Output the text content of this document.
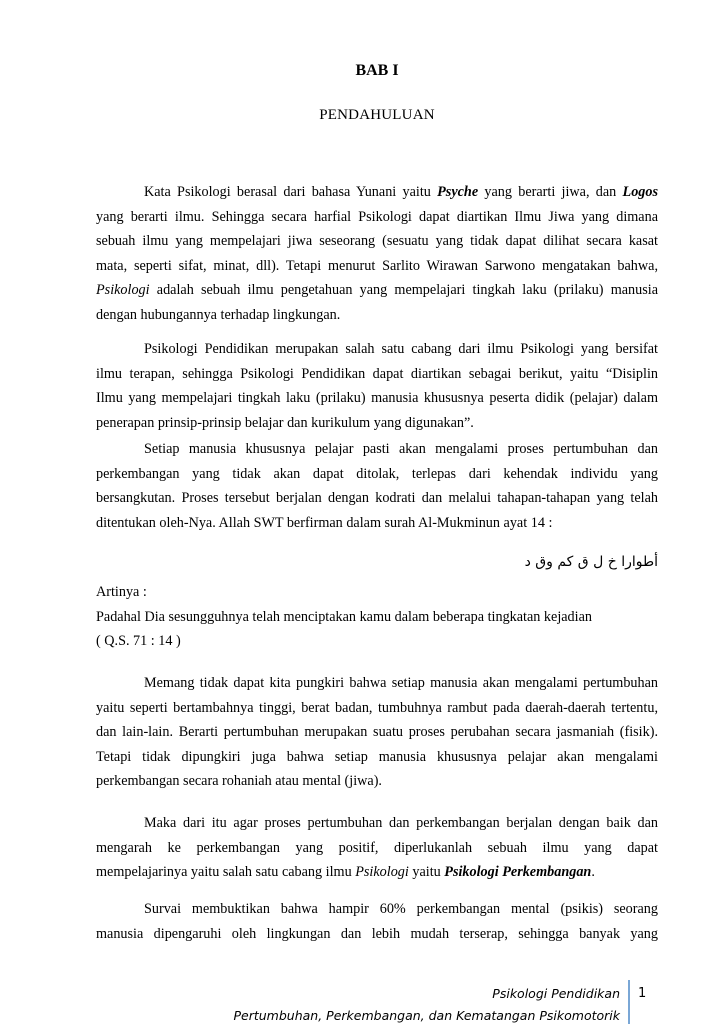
BAB I
PENDAHULUAN
Kata Psikologi berasal dari bahasa Yunani yaitu Psyche yang berarti jiwa, dan Logos
yang berarti ilmu. Sehingga secara harfial Psikologi dapat diartikan Ilmu Jiwa yang dimana
sebuah ilmu yang mempelajari jiwa seseorang (sesuatu yang tidak dapat dilihat secara kasat
mata, seperti sifat, minat, dll). Tetapi menurut Sarlito Wirawan Sarwono mengatakan bahwa,
Psikologi adalah sebuah ilmu pengetahuan yang mempelajari tingkah laku (prilaku) manusia
dengan hubungannya terhadap lingkungan.
Psikologi Pendidikan merupakan salah satu cabang dari ilmu Psikologi yang bersifat
ilmu terapan, sehingga Psikologi Pendidikan dapat diartikan sebagai berikut, yaitu “Disiplin
Ilmu yang mempelajari tingkah laku (prilaku) manusia khususnya peserta didik (pelajar) dalam
penerapan prinsip-prinsip belajar dan kurikulum yang digunakan”.
Setiap manusia khususnya pelajar pasti akan mengalami proses pertumbuhan dan
perkembangan yang tidak akan dapat ditolak, terlepas dari kehendak individu yang
bersangkutan. Proses tersebut berjalan dengan kodrati dan melalui tahapan-tahapan yang telah
ditentukan oleh-Nya. Allah SWT berfirman dalam surah Al-Mukminun ayat 14 :
أطوارا خ ل ق كم وق د
Artinya :
Padahal Dia sesungguhnya telah menciptakan kamu dalam beberapa tingkatan kejadian
( Q.S. 71 : 14 )
Memang tidak dapat kita pungkiri bahwa setiap manusia akan mengalami pertumbuhan
yaitu seperti bertambahnya tinggi, berat badan, tumbuhnya rambut pada daerah-daerah tertentu,
dan lain-lain. Berarti pertumbuhan merupakan suatu proses perubahan secara jasmaniah (fisik).
Tetapi tidak dipungkiri juga bahwa setiap manusia khususnya pelajar akan mengalami
perkembangan secara rohaniah atau mental (jiwa).
Maka dari itu agar proses pertumbuhan dan perkembangan berjalan dengan baik dan
mengarah ke perkembangan yang positif, diperlukanlah sebuah ilmu yang dapat
mempelajarinya yaitu salah satu cabang ilmu Psikologi yaitu Psikologi Perkembangan.
Survai membuktikan bahwa hampir 60% perkembangan mental (psikis) seorang
manusia dipengaruhi oleh lingkungan dan lebih mudah terserap, sehingga banyak yang
Psikologi Pendidikan
Pertumbuhan, Perkembangan, dan Kematangan Psikomotorik
1
